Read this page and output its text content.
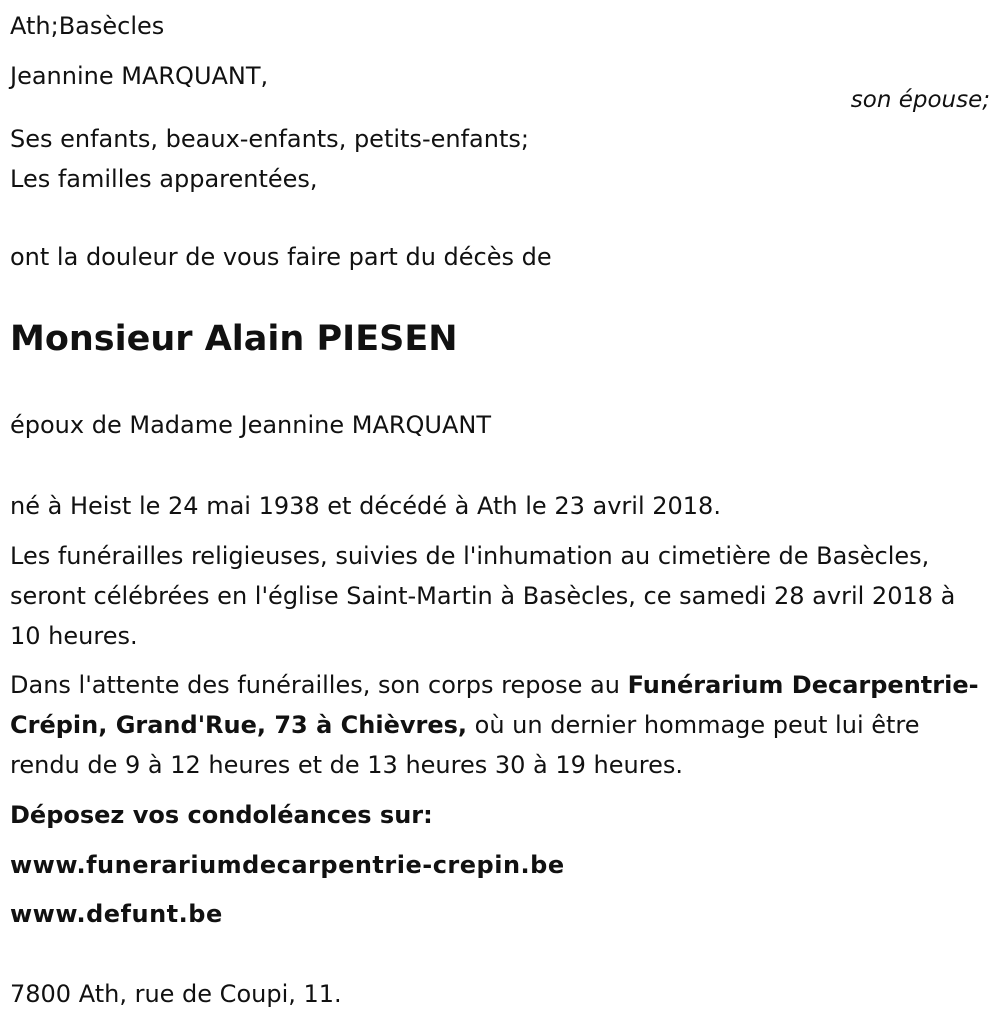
Ath;Basècles
Jeannine MARQUANT,
son épouse;
Ses enfants, beaux-enfants, petits-enfants;
Les familles apparentées,
ont la douleur de vous faire part du décès de
Monsieur Alain PIESEN
époux de Madame Jeannine MARQUANT
né à Heist le 24 mai 1938 et décédé à Ath le 23 avril 2018.
Les funérailles religieuses, suivies de l'inhumation au cimetière de Basècles, seront célébrées en l'église Saint-Martin à Basècles, ce samedi 28 avril 2018 à 10 heures.
Dans l'attente des funérailles, son corps repose au Funérarium Decarpentrie-Crépin, Grand'Rue, 73 à Chièvres, où un dernier hommage peut lui être rendu de 9 à 12 heures et de 13 heures 30 à 19 heures.
Déposez vos condoléances sur:
www.funerariumdecarpentrie-crepin.be
www.defunt.be
7800 Ath, rue de Coupi, 11.
